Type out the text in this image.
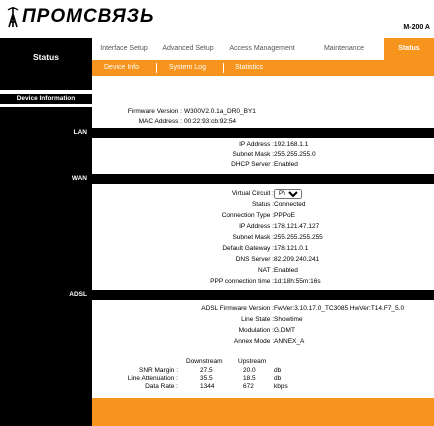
ПРОМСВЯЗЬ
M-200 A
Status
Interface Setup	Advanced Setup	Access Management	Maintenance	Status
Device Info	System Log	Statistics
Device Information
Firmware Version : W300V2.0.1a_DR0_BY1
MAC Address : 00:22:93:cb:92:54
LAN
IP Address : 192.168.1.1
Subnet Mask : 255.255.255.0
DHCP Server : Enabled
WAN
Virtual Circuit :
PVC0
Status : Connected
Connection Type : PPPoE
IP Address : 178.121.47.127
Subnet Mask : 255.255.255.255
Default Gateway : 178.121.0.1
DNS Server : 82.209.240.241
NAT : Enabled
PPP connection time : 1d:18h:55m:16s
ADSL
ADSL Firmware Version : FwVer:3.10.17.0_TC3085 HwVer:T14.F7_5.0
Line State : Showtime
Modulation : G.DMT
Annex Mode : ANNEX_A
Downstream Upstream
SNR Margin :	27.5	20.0	db
Line Attenuation :	35.5	18.5	db
Data Rate :	1344	672	kbps
